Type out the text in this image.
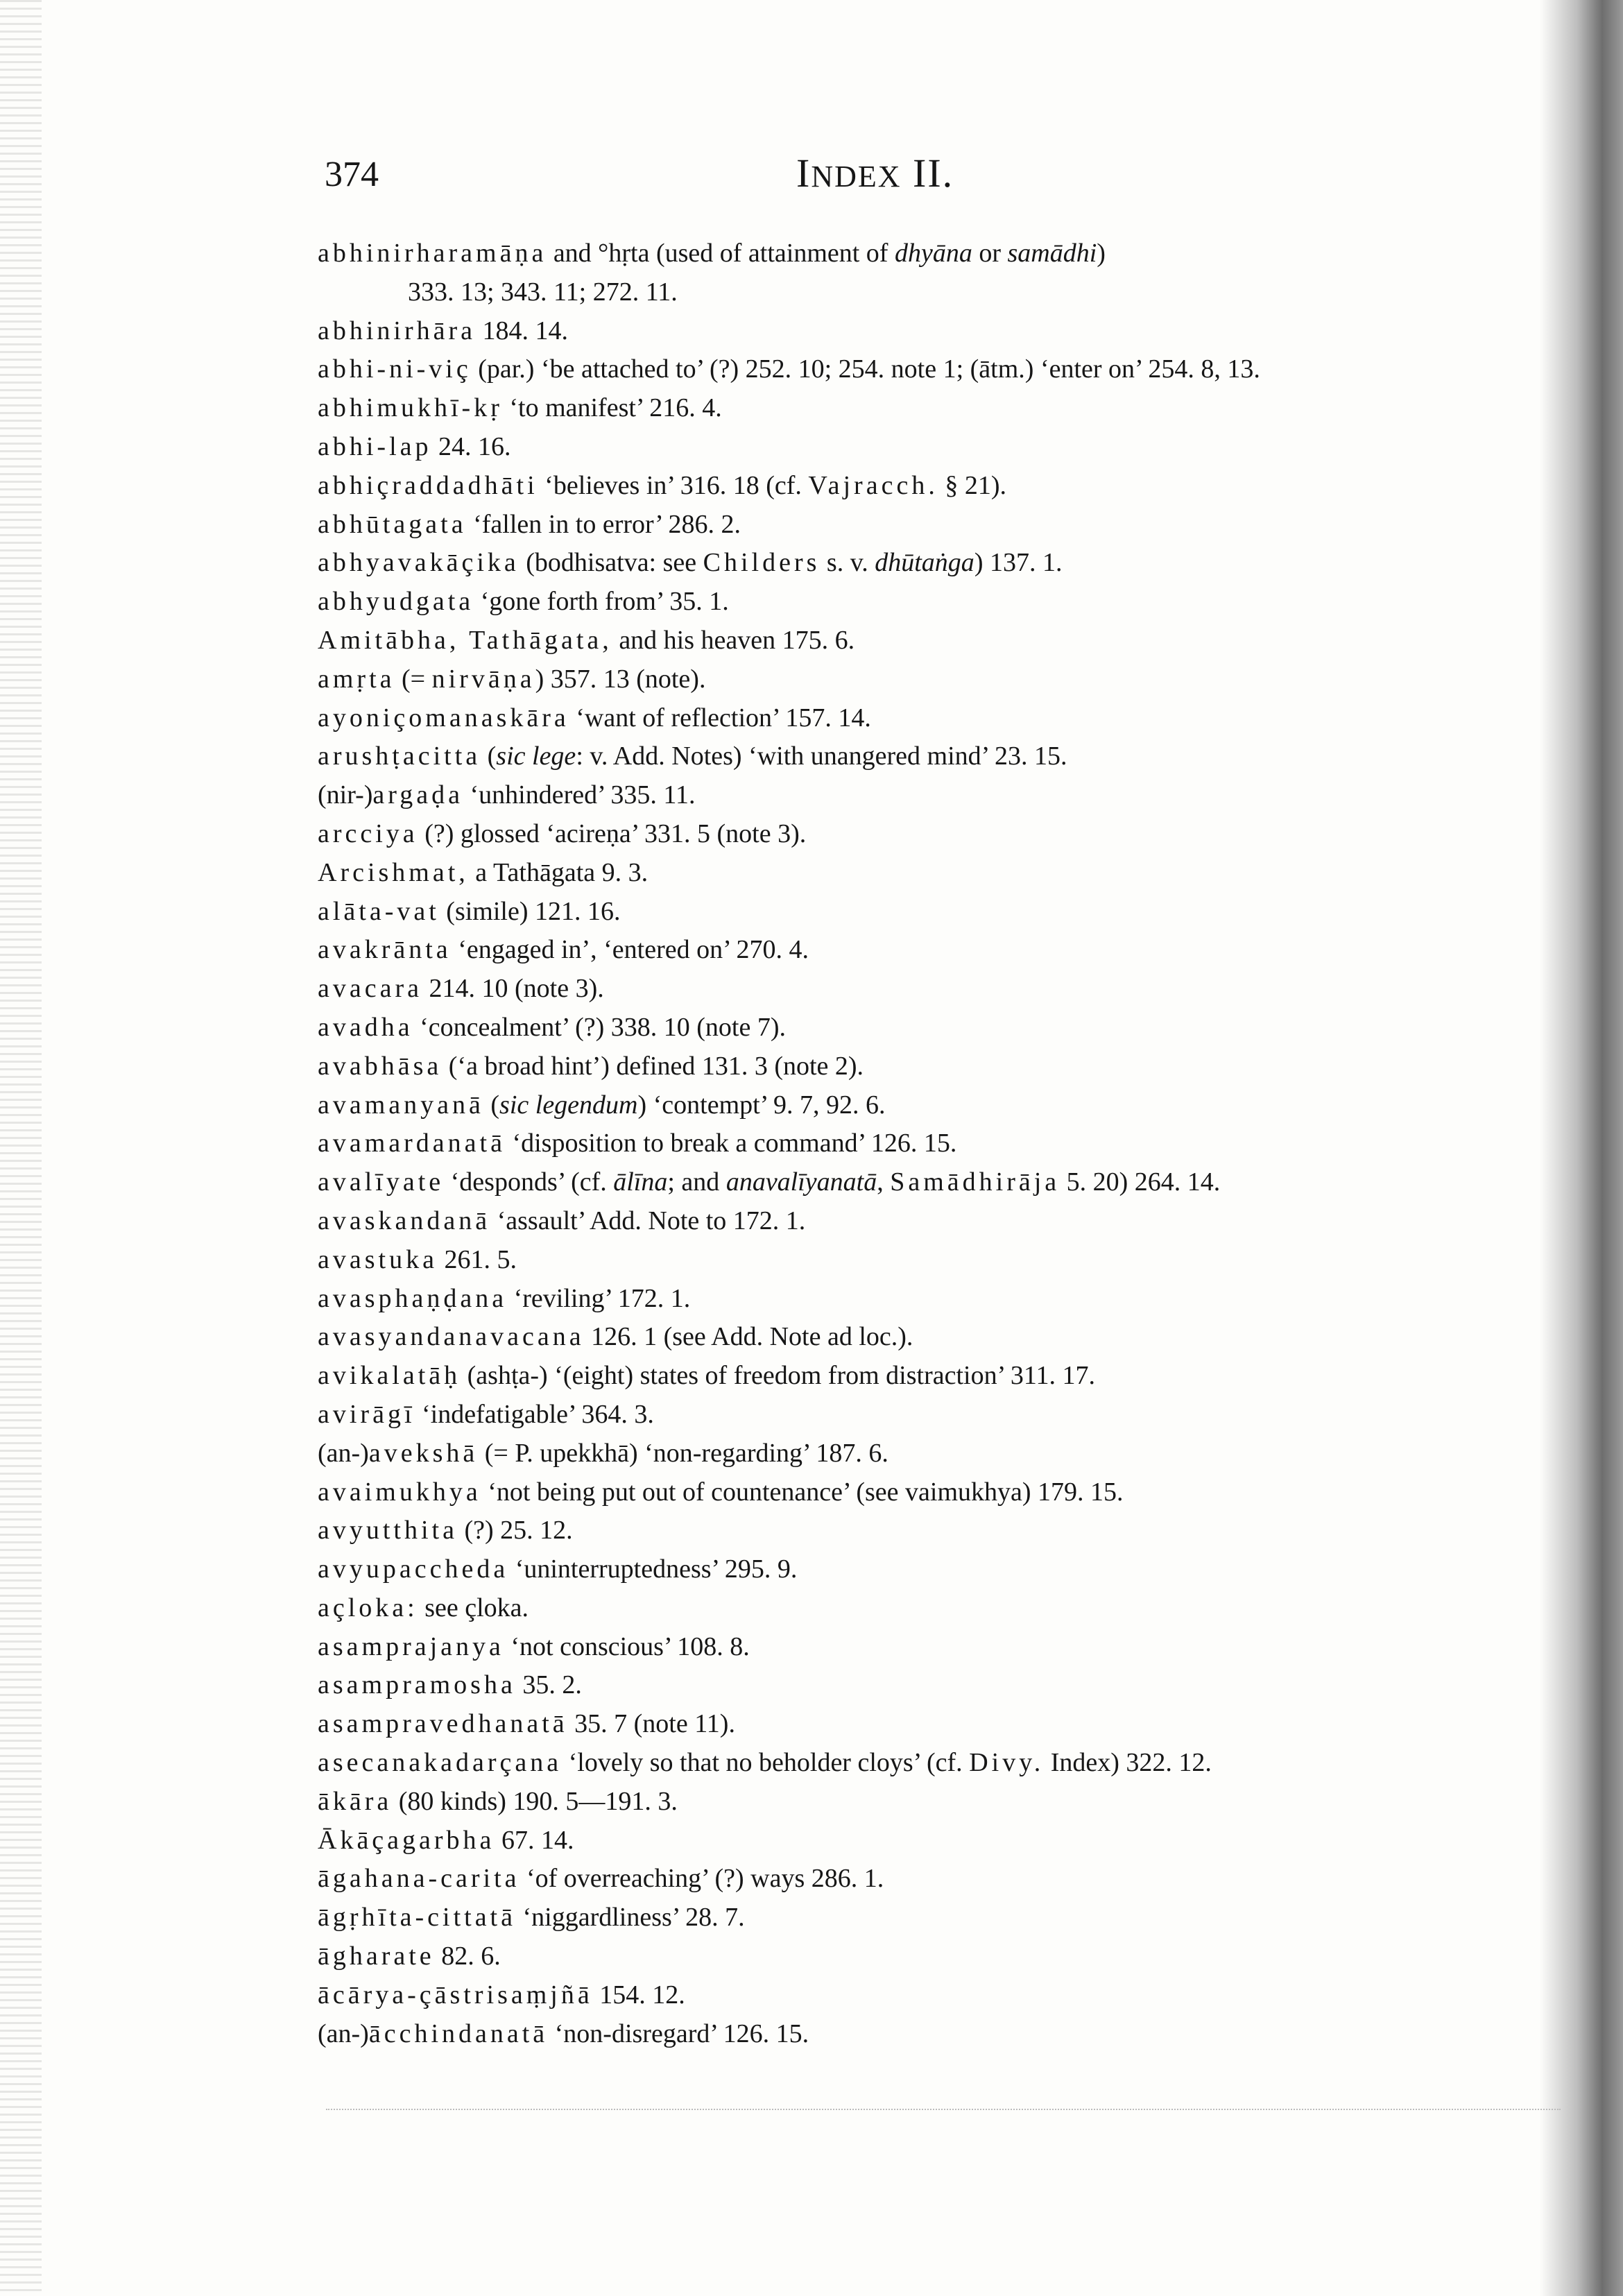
374	INDEX II.
abhinirharamāṇa and °hṛta (used of attainment of dhyāna or samādhi)
333. 13; 343. 11; 272. 11.
abhinirhāra 184. 14.
abhi-ni-viç (par.) ‘be attached to’ (?) 252. 10; 254. note 1; (ātm.) ‘enter on’ 254. 8, 13.
abhimukhī-kṛ ‘to manifest’ 216. 4.
abhi-lap 24. 16.
abhiçraddadhāti ‘believes in’ 316. 18 (cf. Vajracch. § 21).
abhūtagata ‘fallen in to error’ 286. 2.
abhyavakāçika (bodhisatva: see Childers s. v. dhūtaṅga) 137. 1.
abhyudgata ‘gone forth from’ 35. 1.
Amitābha, Tathāgata, and his heaven 175. 6.
amṛta (= nirvāṇa) 357. 13 (note).
ayoniçomanaskāra ‘want of reflection’ 157. 14.
arushṭacitta (sic lege: v. Add. Notes) ‘with unangered mind’ 23. 15.
(nir-)argaḍa ‘unhindered’ 335. 11.
arcciya (?) glossed ‘acireṇa’ 331. 5 (note 3).
Arcishmat, a Tathāgata 9. 3.
alāta-vat (simile) 121. 16.
avakrānta ‘engaged in’, ‘entered on’ 270. 4.
avacara 214. 10 (note 3).
avadha ‘concealment’ (?) 338. 10 (note 7).
avabhāsa (‘a broad hint’) defined 131. 3 (note 2).
avamanyanā (sic legendum) ‘contempt’ 9. 7, 92. 6.
avamardanatā ‘disposition to break a command’ 126. 15.
avalīyate ‘desponds’ (cf. ālīna; and anavalīyanatā, Samādhirāja 5. 20) 264. 14.
avaskandanā ‘assault’ Add. Note to 172. 1.
avastuka 261. 5.
avasphaṇḍana ‘reviling’ 172. 1.
avasyandanavacana 126. 1 (see Add. Note ad loc.).
avikalatāḥ (ashṭa-) ‘(eight) states of freedom from distraction’ 311. 17.
avirāgī ‘indefatigable’ 364. 3.
(an-)avekshā (= P. upekkhā) ‘non-regarding’ 187. 6.
avaimukhya ‘not being put out of countenance’ (see vaimukhya) 179. 15.
avyutthita (?) 25. 12.
avyupaccheda ‘uninterruptedness’ 295. 9.
açloka: see çloka.
asamprajanya ‘not conscious’ 108. 8.
asampramosha 35. 2.
asampravedhanatā 35. 7 (note 11).
asecanakadarçana ‘lovely so that no beholder cloys’ (cf. Divy. Index) 322. 12.
ākāra (80 kinds) 190. 5—191. 3.
Ākāçagarbha 67. 14.
āgahana-carita ‘of overreaching’ (?) ways 286. 1.
āgṛhīta-cittatā ‘niggardliness’ 28. 7.
āgharate 82. 6.
ācārya-çāstrisaṃjñā 154. 12.
(an-)ācchindanatā ‘non-disregard’ 126. 15.
